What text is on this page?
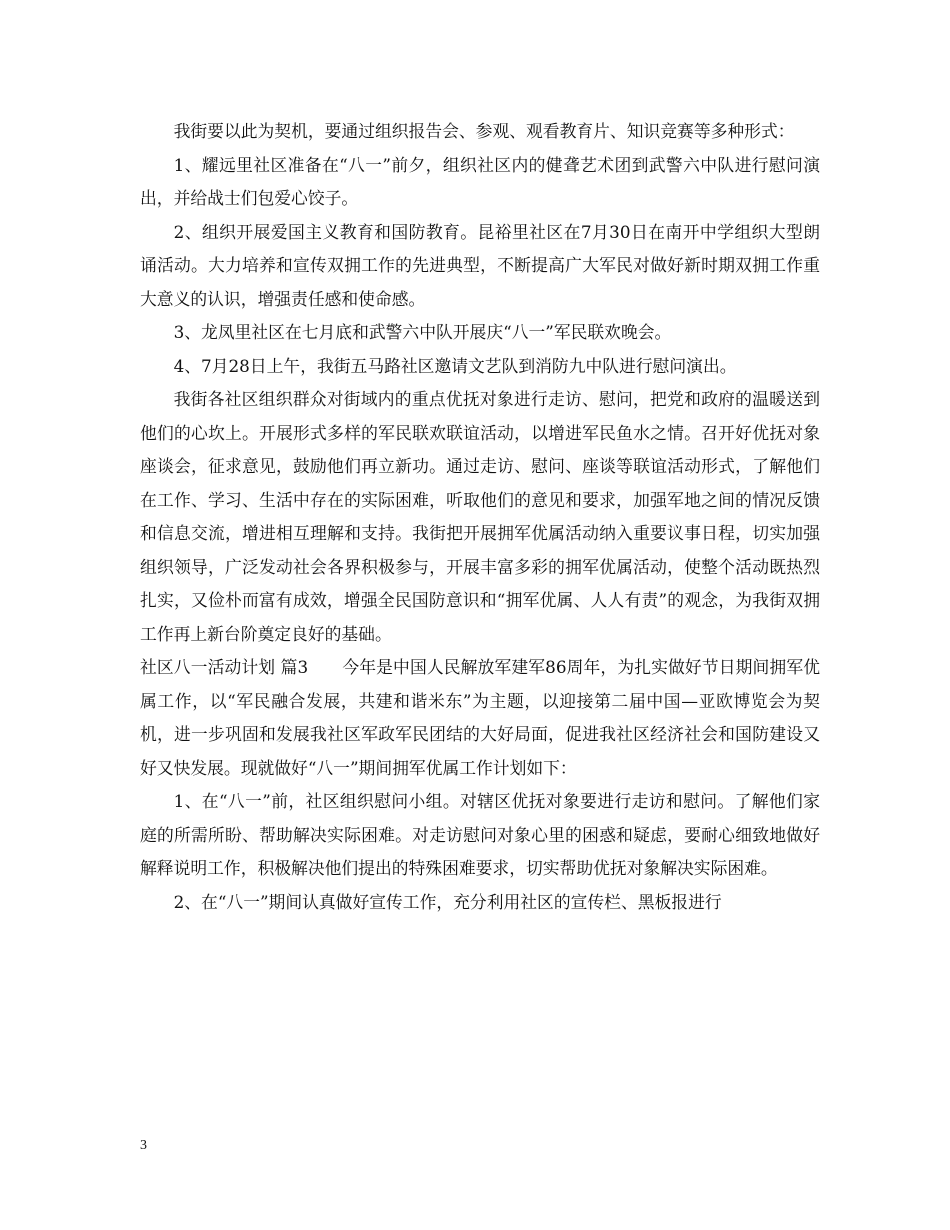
我街要以此为契机，要通过组织报告会、参观、观看教育片、知识竞赛等多种形式：

1、耀远里社区准备在“八一”前夕，组织社区内的健聋艺术团到武警六中队进行慰问演出，并给战士们包爱心饺子。

2、组织开展爱国主义教育和国防教育。昆裕里社区在7月30日在南开中学组织大型朗诵活动。大力培养和宣传双拥工作的先进典型，不断提高广大军民对做好新时期双拥工作重大意义的认识，增强责任感和使命感。

3、龙凤里社区在七月底和武警六中队开展庆“八一”军民联欢晚会。

4、7月28日上午，我街五马路社区邀请文艺队到消防九中队进行慰问演出。

我街各社区组织群众对街域内的重点优抚对象进行走访、慰问，把党和政府的温暖送到他们的心坎上。开展形式多样的军民联欢联谊活动，以增进军民鱼水之情。召开好优抚对象座谈会，征求意见，鼓励他们再立新功。通过走访、慰问、座谈等联谊活动形式，了解他们在工作、学习、生活中存在的实际困难，听取他们的意见和要求，加强军地之间的情况反馈和信息交流，增进相互理解和支持。我街把开展拥军优属活动纳入重要议事日程，切实加强组织领导，广泛发动社会各界积极参与，开展丰富多彩的拥军优属活动，使整个活动既热烈扎实，又俭朴而富有成效，增强全民国防意识和“拥军优属、人人有责”的观念，为我街双拥工作再上新台阶奠定良好的基础。

社区八一活动计划 篇3 今年是中国人民解放军建军86周年，为扎实做好节日期间拥军优属工作，以“军民融合发展，共建和谐米东”为主题，以迎接第二届中国—亚欧博览会为契机，进一步巩固和发展我社区军政军民团结的大好局面，促进我社区经济社会和国防建设又好又快发展。现就做好“八一”期间拥军优属工作计划如下：

1、在“八一”前，社区组织慰问小组。对辖区优抚对象要进行走访和慰问。了解他们家庭的所需所盼、帮助解决实际困难。对走访慰问对象心里的困惑和疑虑，要耐心细致地做好解释说明工作，积极解决他们提出的特殊困难要求，切实帮助优抚对象解决实际困难。

2、在“八一”期间认真做好宣传工作，充分利用社区的宣传栏、黑板报进行

3
